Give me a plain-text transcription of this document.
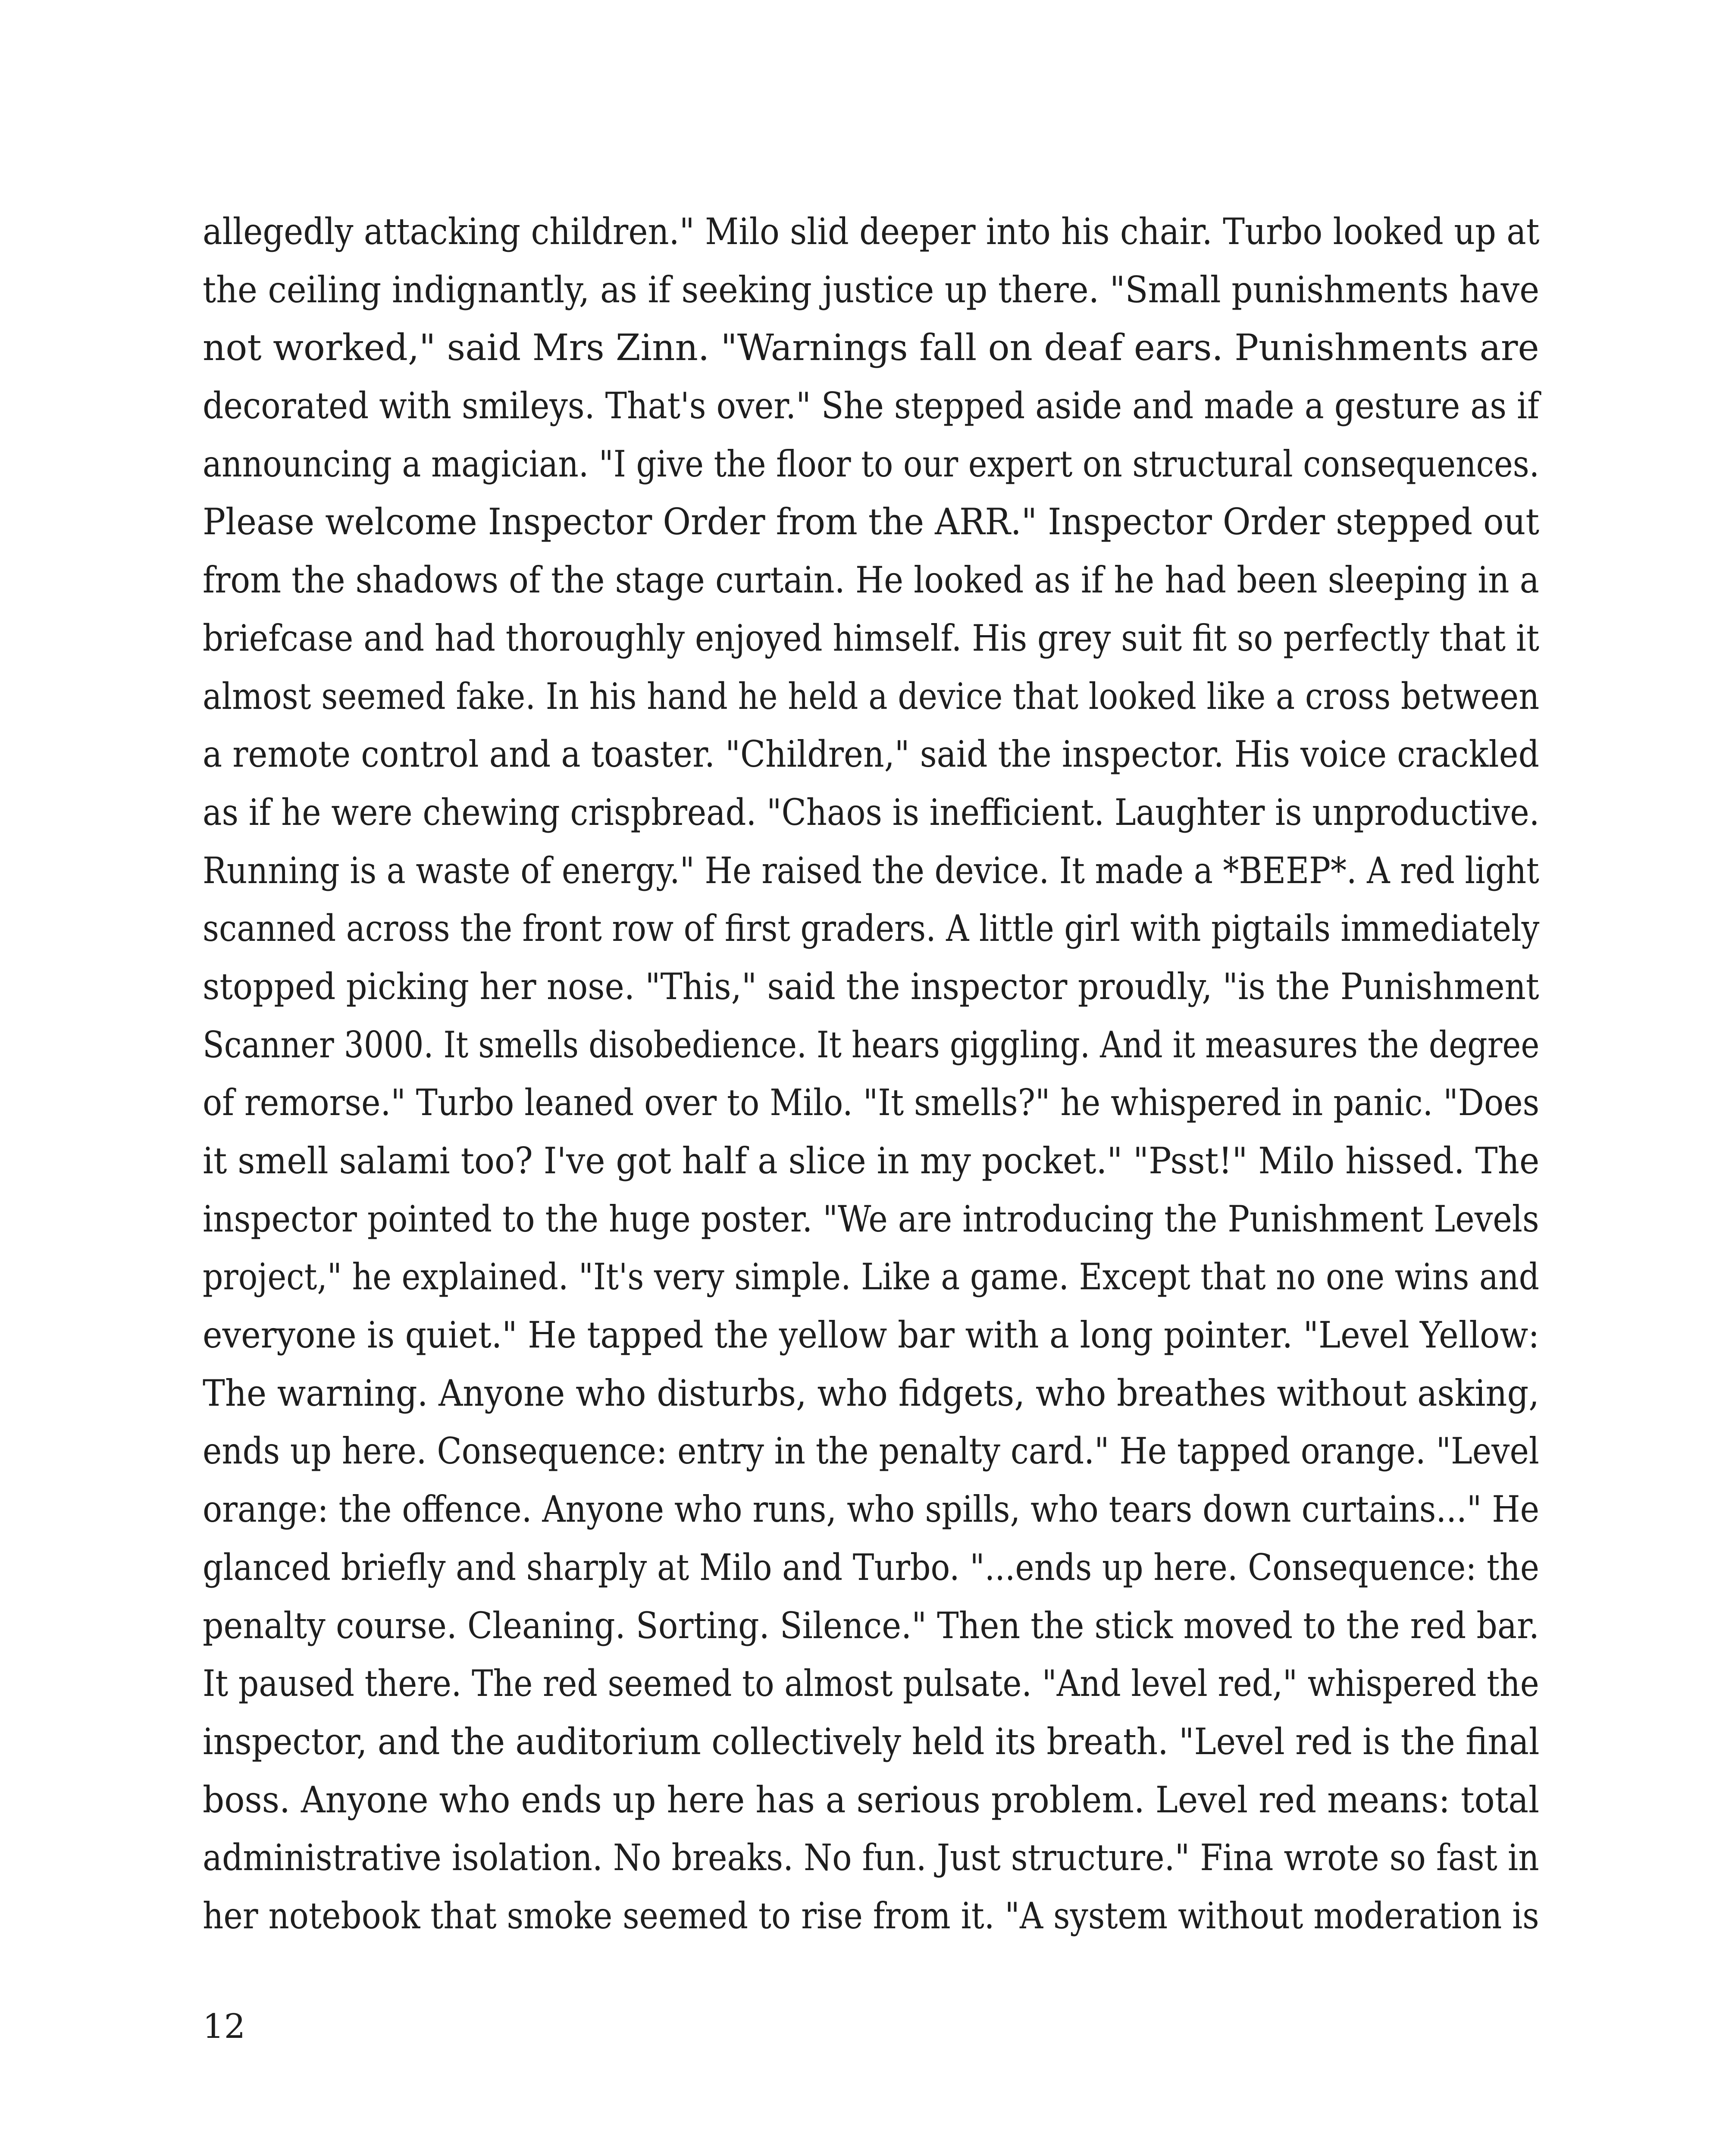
allegedly attacking children." Milo slid deeper into his chair. Turbo looked up at
the ceiling indignantly, as if seeking justice up there. "Small punishments have
not worked," said Mrs Zinn. "Warnings fall on deaf ears. Punishments are
decorated with smileys. That's over." She stepped aside and made a gesture as if
announcing a magician. "I give the floor to our expert on structural consequences.
Please welcome Inspector Order from the ARR." Inspector Order stepped out
from the shadows of the stage curtain. He looked as if he had been sleeping in a
briefcase and had thoroughly enjoyed himself. His grey suit fit so perfectly that it
almost seemed fake. In his hand he held a device that looked like a cross between
a remote control and a toaster. "Children," said the inspector. His voice crackled
as if he were chewing crispbread. "Chaos is inefficient. Laughter is unproductive.
Running is a waste of energy." He raised the device. It made a *BEEP*. A red light
scanned across the front row of first graders. A little girl with pigtails immediately
stopped picking her nose. "This," said the inspector proudly, "is the Punishment
Scanner 3000. It smells disobedience. It hears giggling. And it measures the degree
of remorse." Turbo leaned over to Milo. "It smells?" he whispered in panic. "Does
it smell salami too? I've got half a slice in my pocket." "Psst!" Milo hissed. The
inspector pointed to the huge poster. "We are introducing the Punishment Levels
project," he explained. "It's very simple. Like a game. Except that no one wins and
everyone is quiet." He tapped the yellow bar with a long pointer. "Level Yellow:
The warning. Anyone who disturbs, who fidgets, who breathes without asking,
ends up here. Consequence: entry in the penalty card." He tapped orange. "Level
orange: the offence. Anyone who runs, who spills, who tears down curtains..." He
glanced briefly and sharply at Milo and Turbo. "...ends up here. Consequence: the
penalty course. Cleaning. Sorting. Silence." Then the stick moved to the red bar.
It paused there. The red seemed to almost pulsate. "And level red," whispered the
inspector, and the auditorium collectively held its breath. "Level red is the final
boss. Anyone who ends up here has a serious problem. Level red means: total
administrative isolation. No breaks. No fun. Just structure." Fina wrote so fast in
her notebook that smoke seemed to rise from it. "A system without moderation is

12
